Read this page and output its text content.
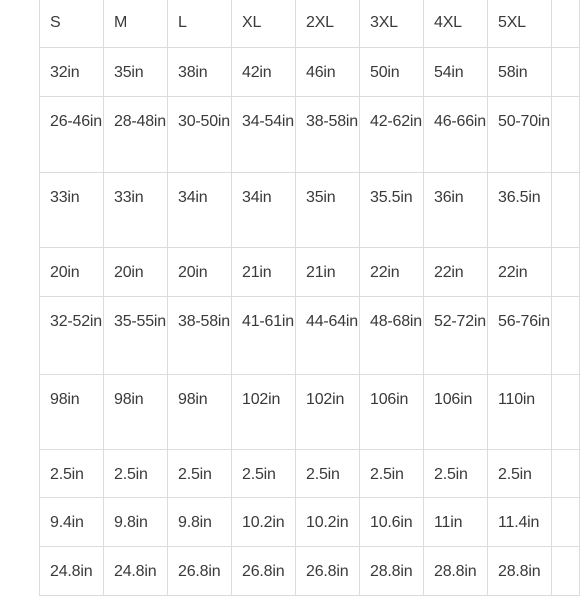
S	M	L	XL	2XL	3XL	4XL	5XL	
32in	35in	38in	42in	46in	50in	54in	58in	
26-46in	28-48in	30-50in	34-54in	38-58in	42-62in	46-66in	50-70in	
33in	33in	34in	34in	35in	35.5in	36in	36.5in	
20in	20in	20in	21in	21in	22in	22in	22in	
32-52in	35-55in	38-58in	41-61in	44-64in	48-68in	52-72in	56-76in	
98in	98in	98in	102in	102in	106in	106in	110in	
2.5in	2.5in	2.5in	2.5in	2.5in	2.5in	2.5in	2.5in	
9.4in	9.8in	9.8in	10.2in	10.2in	10.6in	11in	11.4in	
24.8in	24.8in	26.8in	26.8in	26.8in	28.8in	28.8in	28.8in	
